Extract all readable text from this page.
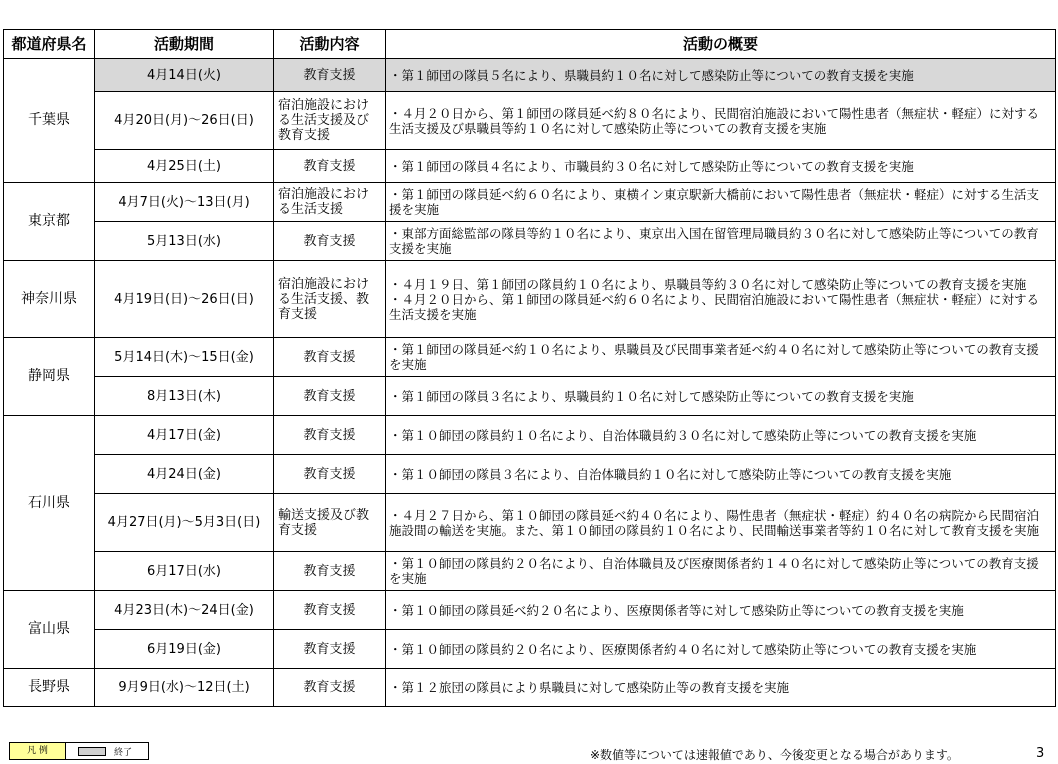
都道府県名	活動期間	活動内容	活動の概要
千葉県	4月14日(火)	教育支援	・第１師団の隊員５名により、県職員約１０名に対して感染防止等についての教育支援を実施
	4月20日(月)～26日(日)	宿泊施設における生活支援及び教育支援	・４月２０日から、第１師団の隊員延べ約８０名により、民間宿泊施設において陽性患者（無症状・軽症）に対する生活支援及び県職員等約１０名に対して感染防止等についての教育支援を実施
	4月25日(土)	教育支援	・第１師団の隊員４名により、市職員約３０名に対して感染防止等についての教育支援を実施
東京都	4月7日(火)～13日(月)	宿泊施設における生活支援	・第１師団の隊員延べ約６０名により、東横イン東京駅新大橋前において陽性患者（無症状・軽症）に対する生活支援を実施
	5月13日(水)	教育支援	・東部方面総監部の隊員等約１０名により、東京出入国在留管理局職員約３０名に対して感染防止等についての教育支援を実施
神奈川県	4月19日(日)～26日(日)	宿泊施設における生活支援、教育支援	・４月１９日、第１師団の隊員約１０名により、県職員等約３０名に対して感染防止等についての教育支援を実施
・４月２０日から、第１師団の隊員延べ約６０名により、民間宿泊施設において陽性患者（無症状・軽症）に対する生活支援を実施

静岡県	5月14日(木)～15日(金)	教育支援	・第１師団の隊員延べ約１０名により、県職員及び民間事業者延べ約４０名に対して感染防止等についての教育支援を実施
	8月13日(木)	教育支援	・第１師団の隊員３名により、県職員約１０名に対して感染防止等についての教育支援を実施
石川県	4月17日(金)	教育支援	・第１０師団の隊員約１０名により、自治体職員約３０名に対して感染防止等についての教育支援を実施
	4月24日(金)	教育支援	・第１０師団の隊員３名により、自治体職員約１０名に対して感染防止等についての教育支援を実施
	4月27日(月)～5月3日(日)	輸送支援及び教育支援	・４月２７日から、第１０師団の隊員延べ約４０名により、陽性患者（無症状・軽症）約４０名の病院から民間宿泊施設間の輸送を実施。また、第１０師団の隊員約１０名により、民間輸送事業者等約１０名に対して教育支援を実施
	6月17日(水)	教育支援	・第１０師団の隊員約２０名により、自治体職員及び医療関係者約１４０名に対して感染防止等についての教育支援を実施
富山県	4月23日(木)～24日(金)	教育支援	・第１０師団の隊員延べ約２０名により、医療関係者等に対して感染防止等についての教育支援を実施
	6月19日(金)	教育支援	・第１０師団の隊員約２０名により、医療関係者約４０名に対して感染防止等についての教育支援を実施
長野県	9月9日(水)～12日(土)	教育支援	・第１２旅団の隊員により県職員に対して感染防止等の教育支援を実施
凡 例	終了	※数値等については速報値であり、今後変更となる場合があります。	3
